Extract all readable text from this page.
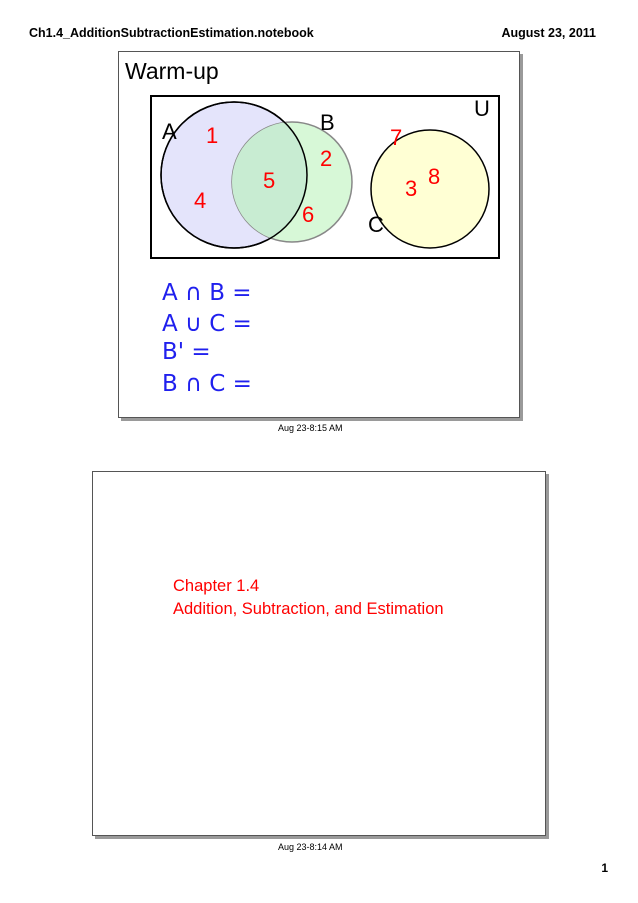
Ch1.4_AdditionSubtractionEstimation.notebook	August 23, 2011
Warm-up
U
A	B
C
1
4
5
2
6
7
3 8
A ∩ B =
A ∪ C =
B' =
B ∩ C =
Aug 23-8:15 AM
Chapter 1.4
Addition, Subtraction, and Estimation
Aug 23-8:14 AM
1
